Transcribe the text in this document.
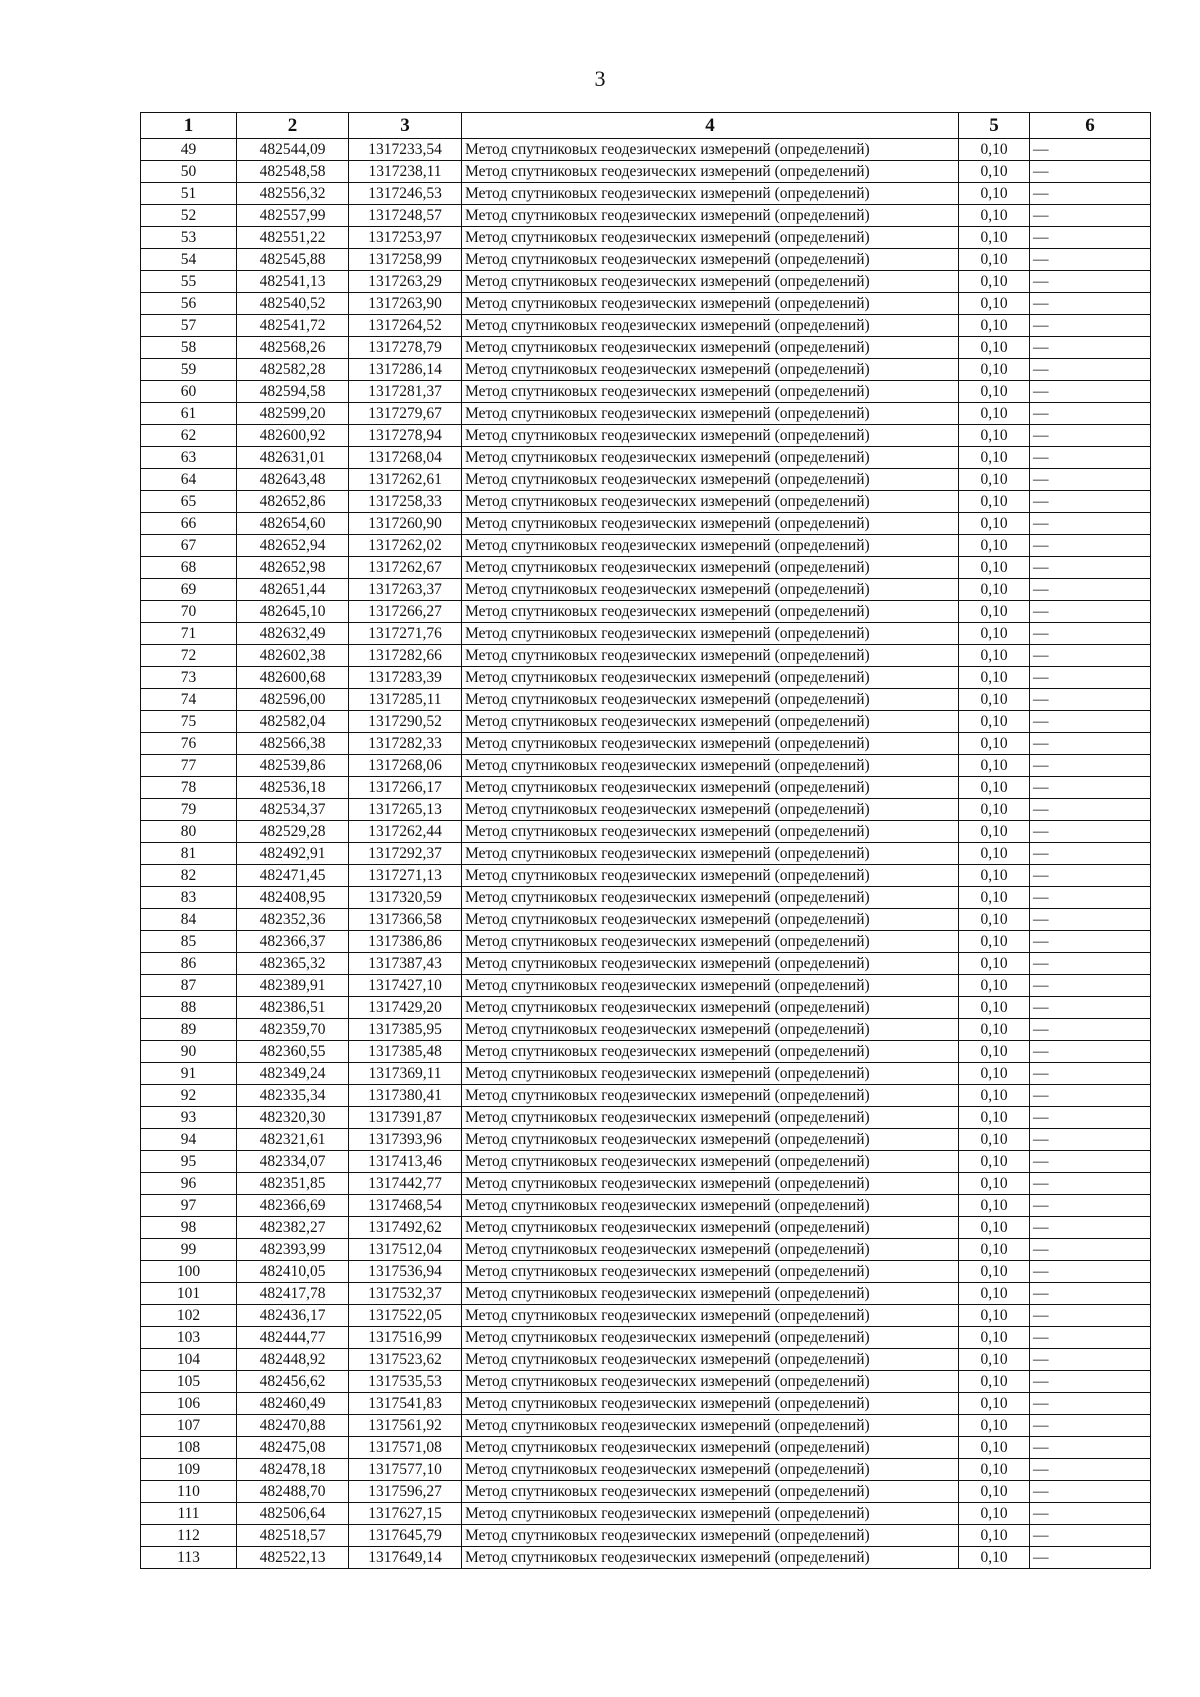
3
1	2	3	4	5	6
49	482544,09	1317233,54	Метод спутниковых геодезических измерений (определений)	0,10	—
50	482548,58	1317238,11	Метод спутниковых геодезических измерений (определений)	0,10	—
51	482556,32	1317246,53	Метод спутниковых геодезических измерений (определений)	0,10	—
52	482557,99	1317248,57	Метод спутниковых геодезических измерений (определений)	0,10	—
53	482551,22	1317253,97	Метод спутниковых геодезических измерений (определений)	0,10	—
54	482545,88	1317258,99	Метод спутниковых геодезических измерений (определений)	0,10	—
55	482541,13	1317263,29	Метод спутниковых геодезических измерений (определений)	0,10	—
56	482540,52	1317263,90	Метод спутниковых геодезических измерений (определений)	0,10	—
57	482541,72	1317264,52	Метод спутниковых геодезических измерений (определений)	0,10	—
58	482568,26	1317278,79	Метод спутниковых геодезических измерений (определений)	0,10	—
59	482582,28	1317286,14	Метод спутниковых геодезических измерений (определений)	0,10	—
60	482594,58	1317281,37	Метод спутниковых геодезических измерений (определений)	0,10	—
61	482599,20	1317279,67	Метод спутниковых геодезических измерений (определений)	0,10	—
62	482600,92	1317278,94	Метод спутниковых геодезических измерений (определений)	0,10	—
63	482631,01	1317268,04	Метод спутниковых геодезических измерений (определений)	0,10	—
64	482643,48	1317262,61	Метод спутниковых геодезических измерений (определений)	0,10	—
65	482652,86	1317258,33	Метод спутниковых геодезических измерений (определений)	0,10	—
66	482654,60	1317260,90	Метод спутниковых геодезических измерений (определений)	0,10	—
67	482652,94	1317262,02	Метод спутниковых геодезических измерений (определений)	0,10	—
68	482652,98	1317262,67	Метод спутниковых геодезических измерений (определений)	0,10	—
69	482651,44	1317263,37	Метод спутниковых геодезических измерений (определений)	0,10	—
70	482645,10	1317266,27	Метод спутниковых геодезических измерений (определений)	0,10	—
71	482632,49	1317271,76	Метод спутниковых геодезических измерений (определений)	0,10	—
72	482602,38	1317282,66	Метод спутниковых геодезических измерений (определений)	0,10	—
73	482600,68	1317283,39	Метод спутниковых геодезических измерений (определений)	0,10	—
74	482596,00	1317285,11	Метод спутниковых геодезических измерений (определений)	0,10	—
75	482582,04	1317290,52	Метод спутниковых геодезических измерений (определений)	0,10	—
76	482566,38	1317282,33	Метод спутниковых геодезических измерений (определений)	0,10	—
77	482539,86	1317268,06	Метод спутниковых геодезических измерений (определений)	0,10	—
78	482536,18	1317266,17	Метод спутниковых геодезических измерений (определений)	0,10	—
79	482534,37	1317265,13	Метод спутниковых геодезических измерений (определений)	0,10	—
80	482529,28	1317262,44	Метод спутниковых геодезических измерений (определений)	0,10	—
81	482492,91	1317292,37	Метод спутниковых геодезических измерений (определений)	0,10	—
82	482471,45	1317271,13	Метод спутниковых геодезических измерений (определений)	0,10	—
83	482408,95	1317320,59	Метод спутниковых геодезических измерений (определений)	0,10	—
84	482352,36	1317366,58	Метод спутниковых геодезических измерений (определений)	0,10	—
85	482366,37	1317386,86	Метод спутниковых геодезических измерений (определений)	0,10	—
86	482365,32	1317387,43	Метод спутниковых геодезических измерений (определений)	0,10	—
87	482389,91	1317427,10	Метод спутниковых геодезических измерений (определений)	0,10	—
88	482386,51	1317429,20	Метод спутниковых геодезических измерений (определений)	0,10	—
89	482359,70	1317385,95	Метод спутниковых геодезических измерений (определений)	0,10	—
90	482360,55	1317385,48	Метод спутниковых геодезических измерений (определений)	0,10	—
91	482349,24	1317369,11	Метод спутниковых геодезических измерений (определений)	0,10	—
92	482335,34	1317380,41	Метод спутниковых геодезических измерений (определений)	0,10	—
93	482320,30	1317391,87	Метод спутниковых геодезических измерений (определений)	0,10	—
94	482321,61	1317393,96	Метод спутниковых геодезических измерений (определений)	0,10	—
95	482334,07	1317413,46	Метод спутниковых геодезических измерений (определений)	0,10	—
96	482351,85	1317442,77	Метод спутниковых геодезических измерений (определений)	0,10	—
97	482366,69	1317468,54	Метод спутниковых геодезических измерений (определений)	0,10	—
98	482382,27	1317492,62	Метод спутниковых геодезических измерений (определений)	0,10	—
99	482393,99	1317512,04	Метод спутниковых геодезических измерений (определений)	0,10	—
100	482410,05	1317536,94	Метод спутниковых геодезических измерений (определений)	0,10	—
101	482417,78	1317532,37	Метод спутниковых геодезических измерений (определений)	0,10	—
102	482436,17	1317522,05	Метод спутниковых геодезических измерений (определений)	0,10	—
103	482444,77	1317516,99	Метод спутниковых геодезических измерений (определений)	0,10	—
104	482448,92	1317523,62	Метод спутниковых геодезических измерений (определений)	0,10	—
105	482456,62	1317535,53	Метод спутниковых геодезических измерений (определений)	0,10	—
106	482460,49	1317541,83	Метод спутниковых геодезических измерений (определений)	0,10	—
107	482470,88	1317561,92	Метод спутниковых геодезических измерений (определений)	0,10	—
108	482475,08	1317571,08	Метод спутниковых геодезических измерений (определений)	0,10	—
109	482478,18	1317577,10	Метод спутниковых геодезических измерений (определений)	0,10	—
110	482488,70	1317596,27	Метод спутниковых геодезических измерений (определений)	0,10	—
111	482506,64	1317627,15	Метод спутниковых геодезических измерений (определений)	0,10	—
112	482518,57	1317645,79	Метод спутниковых геодезических измерений (определений)	0,10	—
113	482522,13	1317649,14	Метод спутниковых геодезических измерений (определений)	0,10	—
